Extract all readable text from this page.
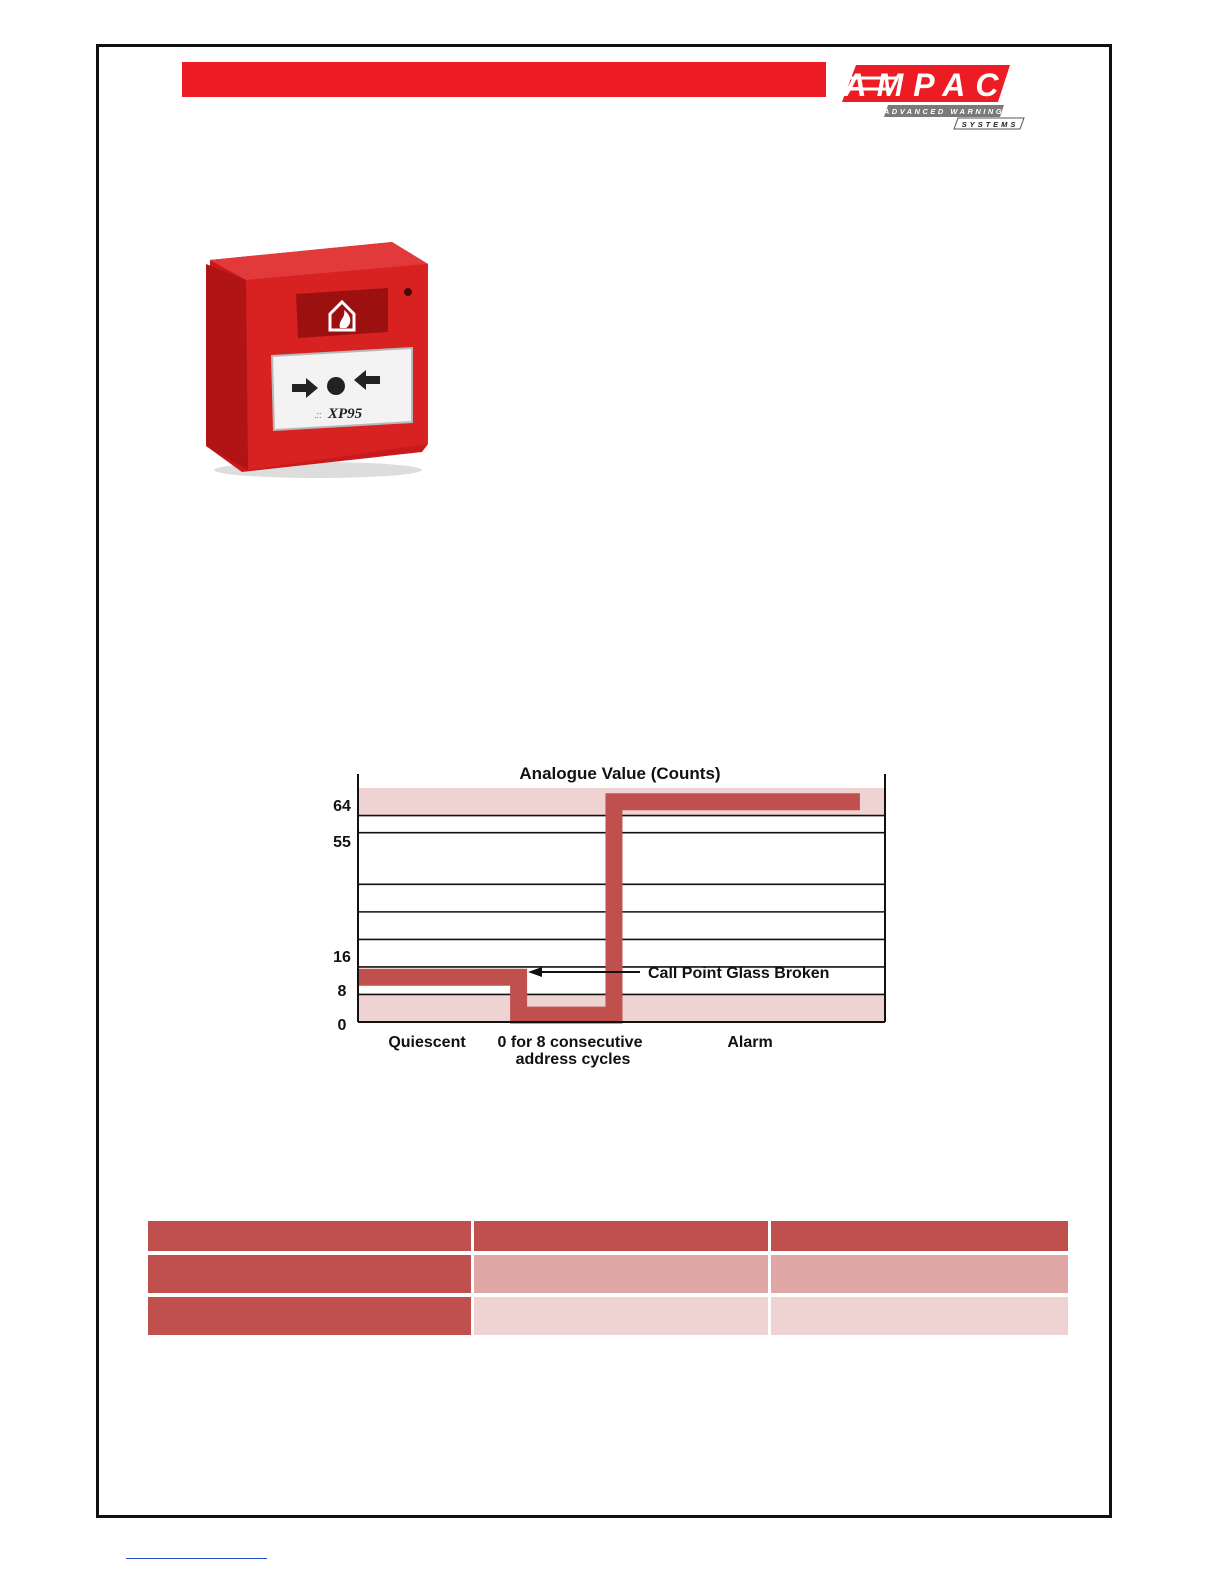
AMPAC
ADVANCED WARNING
SYSTEMS
.:: XP95
Analogue Value (Counts)
64
55
16
8
0
Call Point Glass Broken
Quiescent 0 for 8 consecutive
address cycles
Alarm
